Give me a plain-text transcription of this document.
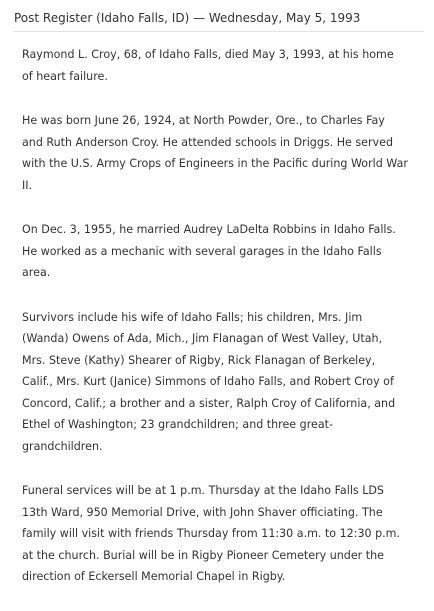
Post Register (Idaho Falls, ID) — Wednesday, May 5, 1993

Raymond L. Croy, 68, of Idaho Falls, died May 3, 1993, at his home
of heart failure.

He was born June 26, 1924, at North Powder, Ore., to Charles Fay
and Ruth Anderson Croy. He attended schools in Driggs. He served
with the U.S. Army Crops of Engineers in the Pacific during World War
II.

On Dec. 3, 1955, he married Audrey LaDelta Robbins in Idaho Falls.
He worked as a mechanic with several garages in the Idaho Falls
area.

Survivors include his wife of Idaho Falls; his children, Mrs. Jim
(Wanda) Owens of Ada, Mich., Jim Flanagan of West Valley, Utah,
Mrs. Steve (Kathy) Shearer of Rigby, Rick Flanagan of Berkeley,
Calif., Mrs. Kurt (Janice) Simmons of Idaho Falls, and Robert Croy of
Concord, Calif.; a brother and a sister, Ralph Croy of California, and
Ethel of Washington; 23 grandchildren; and three great-
grandchildren.

Funeral services will be at 1 p.m. Thursday at the Idaho Falls LDS
13th Ward, 950 Memorial Drive, with John Shaver officiating. The
family will visit with friends Thursday from 11:30 a.m. to 12:30 p.m.
at the church. Burial will be in Rigby Pioneer Cemetery under the
direction of Eckersell Memorial Chapel in Rigby.
